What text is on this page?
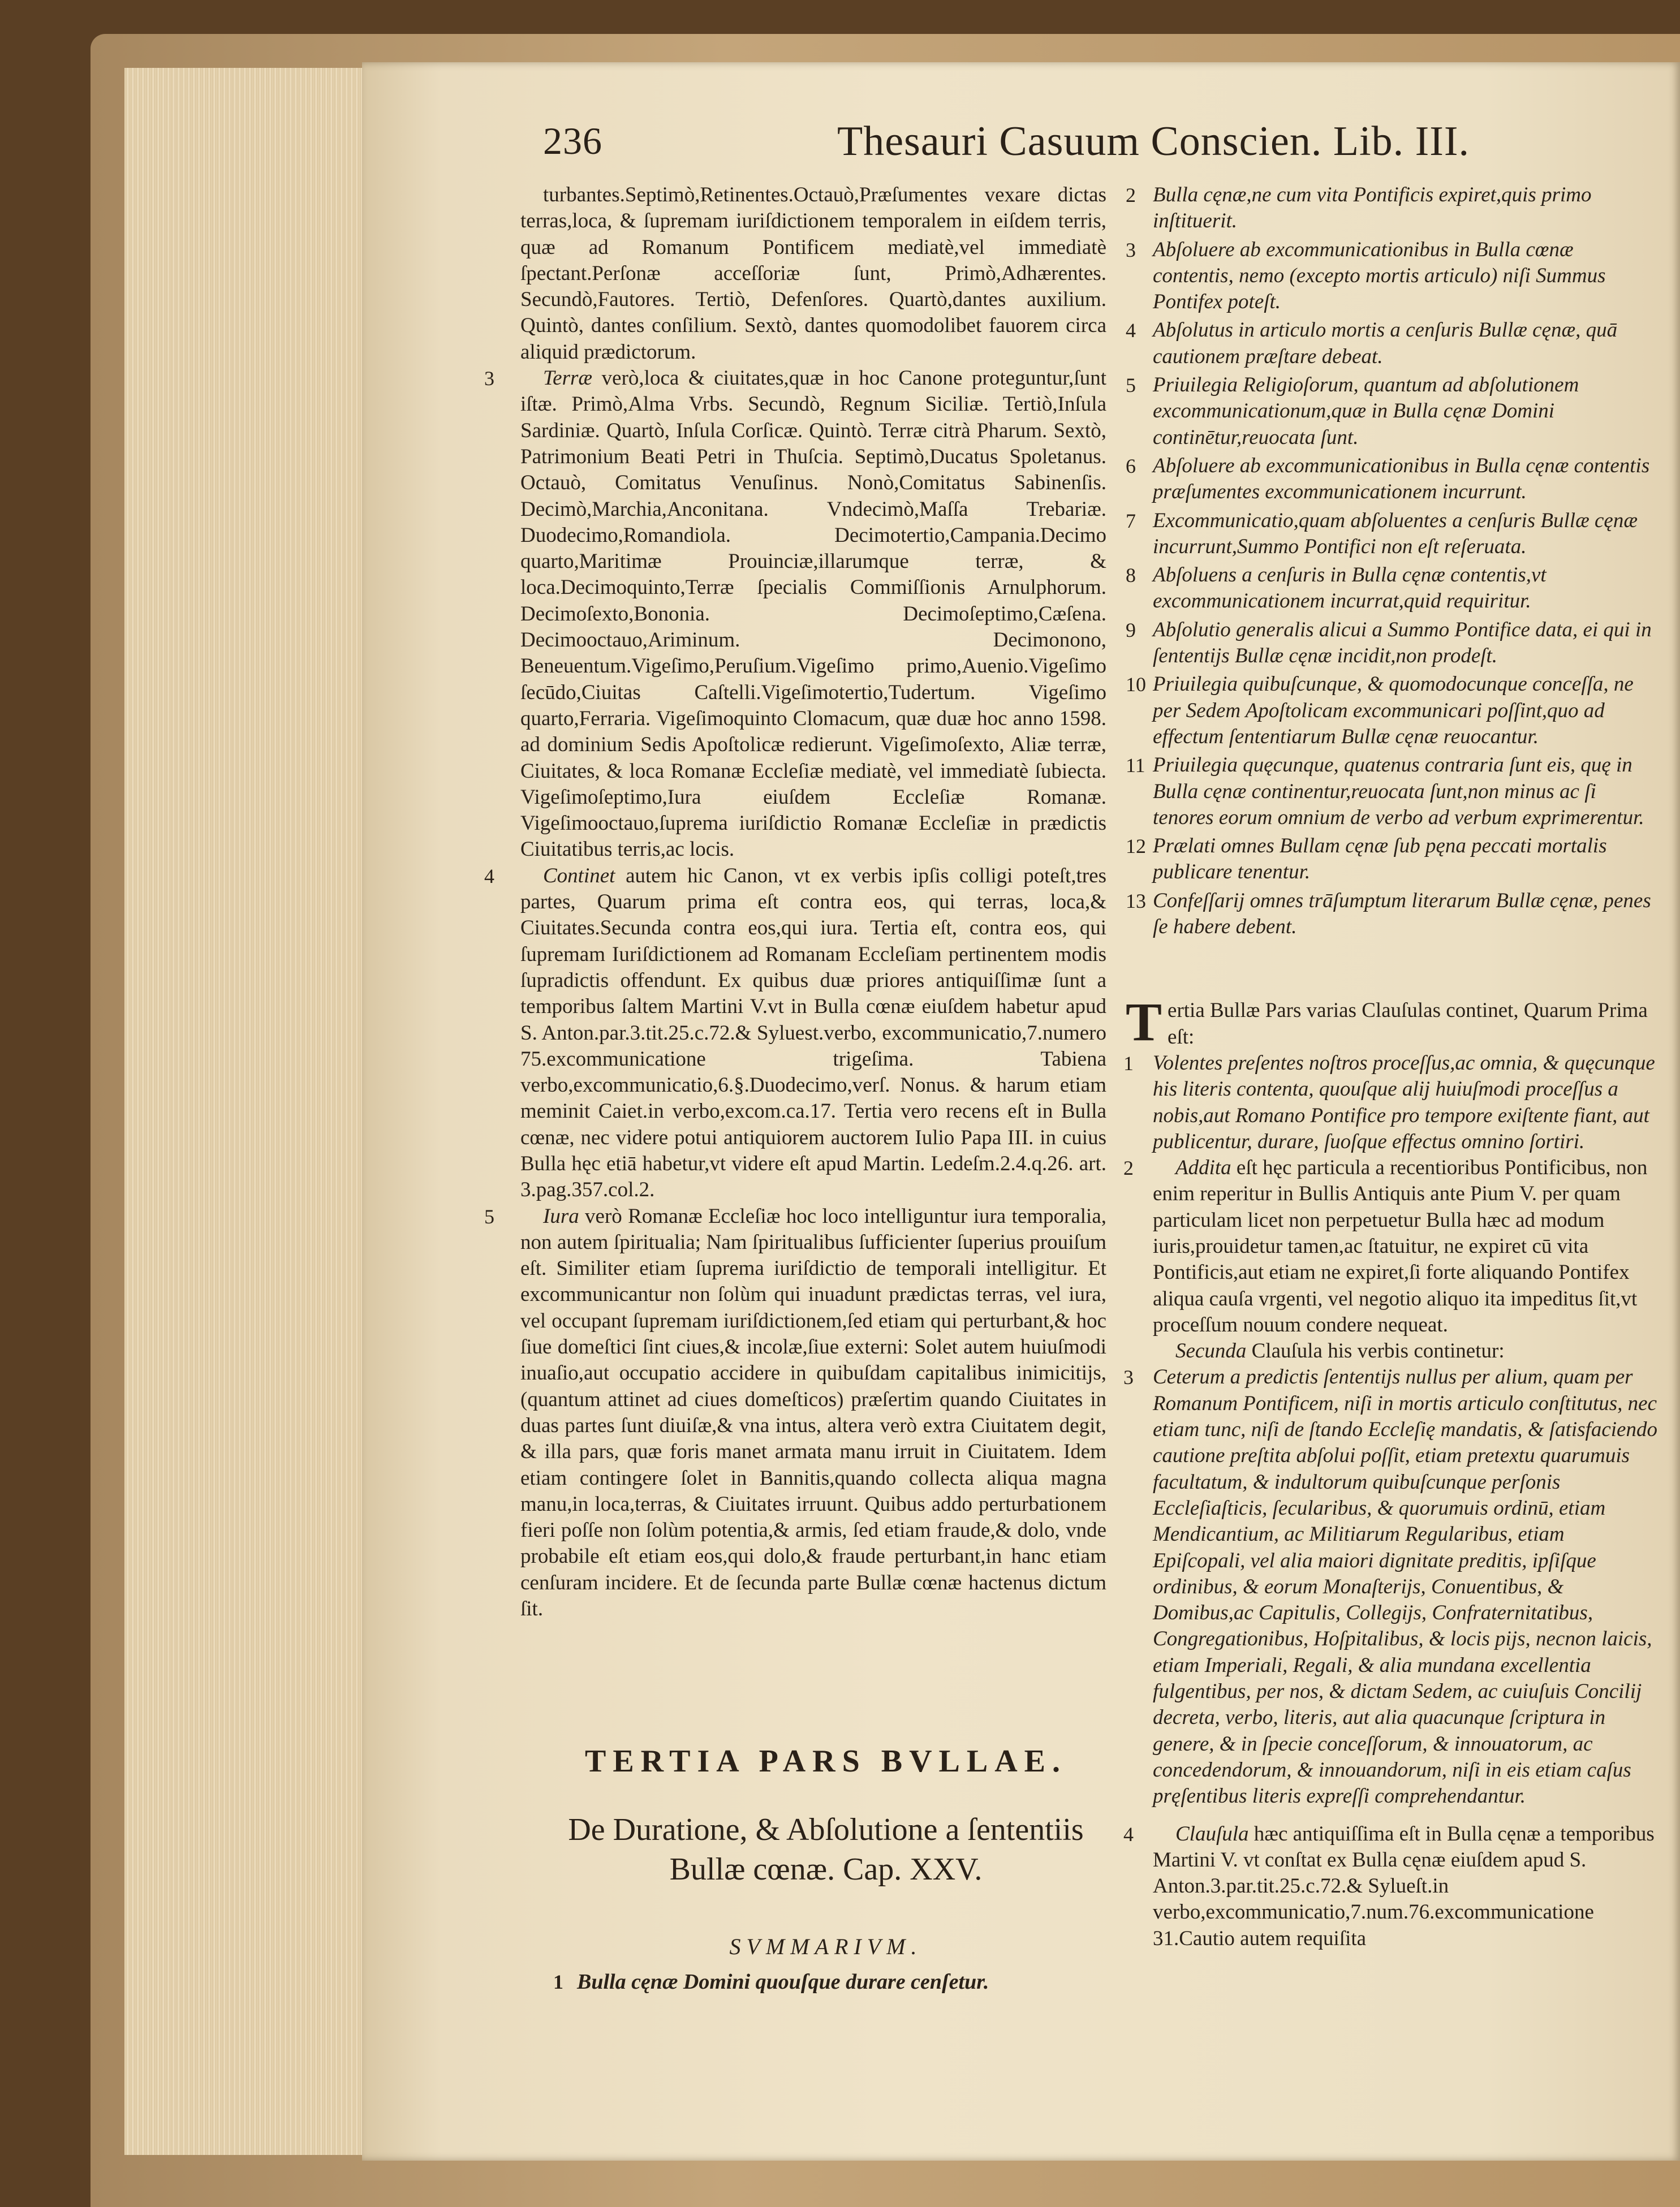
236	Thesauri Casuum Conscien. Lib. III.

turbantes.Septimò,Retinentes.Octauò,Præſumentes vexare dictas terras,loca, & ſupremam iuriſdictionem temporalem in eiſdem terris, quæ ad Romanum Pontificem mediatè,vel immediatè ſpectant.Perſonæ acceſſoriæ ſunt, Primò,Adhærentes. Secundò,Fautores. Tertiò, Defenſores. Quartò,dantes auxilium. Quintò, dantes conſilium. Sextò, dantes quomodolibet fauorem circa aliquid prædictorum.

3 Terræ verò,loca & ciuitates,quæ in hoc Canone proteguntur,ſunt iſtæ. Primò,Alma Vrbs. Secundò, Regnum Siciliæ. Tertiò,Inſula Sardiniæ. Quartò, Inſula Corſicæ. Quintò. Terræ citrà Pharum. Sextò, Patrimonium Beati Petri in Thuſcia. Septimò,Ducatus Spoletanus. Octauò, Comitatus Venuſinus. Nonò,Comitatus Sabinenſis. Decimò,Marchia,Anconitana. Vndecimò,Maſſa Trebariæ. Duodecimo,Romandiola. Decimotertio,Campania.Decimo quarto,Maritimæ Prouinciæ,illarumque terræ, & loca.Decimoquinto,Terræ ſpecialis Commiſſionis Arnulphorum. Decimoſexto,Bononia. Decimoſeptimo,Cæſena. Decimooctauo,Ariminum. Decimonono, Beneuentum.Vigeſimo,Peruſium.Vigeſimo primo,Auenio.Vigeſimo ſecūdo,Ciuitas Caſtelli.Vigeſimotertio,Tudertum. Vigeſimo quarto,Ferraria. Vigeſimoquinto Clomacum, quæ duæ hoc anno 1598. ad dominium Sedis Apoſtolicæ redierunt. Vigeſimoſexto, Aliæ terræ, Ciuitates, & loca Romanæ Eccleſiæ mediatè, vel immediatè ſubiecta. Vigeſimoſeptimo,Iura eiuſdem Eccleſiæ Romanæ. Vigeſimooctauo,ſuprema iuriſdictio Romanæ Eccleſiæ in prædictis Ciuitatibus terris,ac locis.

4 Continet autem hic Canon, vt ex verbis ipſis colligi poteſt,tres partes, Quarum prima eſt contra eos, qui terras, loca,& Ciuitates.Secunda contra eos,qui iura. Tertia eſt, contra eos, qui ſupremam Iuriſdictionem ad Romanam Eccleſiam pertinentem modis ſupradictis offendunt. Ex quibus duæ priores antiquiſſimæ ſunt a temporibus ſaltem Martini V.vt in Bulla cœnæ eiuſdem habetur apud S. Anton.par.3.tit.25.c.72.& Syluest.verbo, excommunicatio,7.numero 75.excommunicatione trigeſima. Tabiena verbo,excommunicatio,6.§.Duodecimo,verſ. Nonus. & harum etiam meminit Caiet.in verbo,excom.ca.17. Tertia vero recens eſt in Bulla cœnæ, nec videre potui antiquiorem auctorem Iulio Papa III. in cuius Bulla hęc etiā habetur,vt videre eſt apud Martin. Ledeſm.2.4.q.26. art. 3.pag.357.col.2.

5 Iura verò Romanæ Eccleſiæ hoc loco intelliguntur iura temporalia, non autem ſpiritualia; Nam ſpiritualibus ſufficienter ſuperius prouiſum eſt. Similiter etiam ſuprema iuriſdictio de temporali intelligitur. Et excommunicantur non ſolùm qui inuadunt prædictas terras, vel iura, vel occupant ſupremam iuriſdictionem,ſed etiam qui perturbant,& hoc ſiue domeſtici ſint ciues,& incolæ,ſiue externi: Solet autem huiuſmodi inuaſio,aut occupatio accidere in quibuſdam capitalibus inimicitijs, (quantum attinet ad ciues domeſticos) præſertim quando Ciuitates in duas partes ſunt diuiſæ,& vna intus, altera verò extra Ciuitatem degit, & illa pars, quæ foris manet armata manu irruit in Ciuitatem. Idem etiam contingere ſolet in Bannitis,quando collecta aliqua magna manu,in loca,terras, & Ciuitates irruunt. Quibus addo perturbationem fieri poſſe non ſolùm potentia,& armis, ſed etiam fraude,& dolo, vnde probabile eſt etiam eos,qui dolo,& fraude perturbant,in hanc etiam cenſuram incidere. Et de ſecunda parte Bullæ cœnæ hactenus dictum ſit.

TERTIA PARS BVLLAE.
De Duratione, & Abſolutione a ſententiis Bullæ cœnæ. Cap. XXV.
SVMMARIVM.
1 Bulla cęnæ Domini quouſque durare cenſetur.
2 Bulla cęnæ,ne cum vita Pontificis expiret,quis primo inſtituerit.
3 Abſoluere ab excommunicationibus in Bulla cœnæ contentis, nemo (excepto mortis articulo) niſi Summus Pontifex poteſt.
4 Abſolutus in articulo mortis a cenſuris Bullæ cęnæ, quā cautionem præſtare debeat.
5 Priuilegia Religioſorum, quantum ad abſolutionem excommunicationum,quæ in Bulla cęnæ Domini continētur,reuocata ſunt.
6 Abſoluere ab excommunicationibus in Bulla cęnæ contentis præſumentes excommunicationem incurrunt.
7 Excommunicatio,quam abſoluentes a cenſuris Bullæ cęnæ incurrunt,Summo Pontifici non eſt reſeruata.
8 Abſoluens a cenſuris in Bulla cęnæ contentis,vt excommunicationem incurrat,quid requiritur.
9 Abſolutio generalis alicui a Summo Pontifice data, ei qui in ſententijs Bullæ cęnæ incidit,non prodeſt.
10 Priuilegia quibuſcunque, & quomodocunque conceſſa, ne per Sedem Apoſtolicam excommunicari poſſint,quo ad effectum ſententiarum Bullæ cęnæ reuocantur.
11 Priuilegia quęcunque, quatenus contraria ſunt eis, quę in Bulla cęnæ continentur,reuocata ſunt,non minus ac ſi tenores eorum omnium de verbo ad verbum exprimerentur.
12 Prælati omnes Bullam cęnæ ſub pęna peccati mortalis publicare tenentur.
13 Confeſſarij omnes trāſumptum literarum Bullæ cęnæ, penes ſe habere debent.
Tertia Bullæ Pars varias Clauſulas continet, Quarum Prima eſt:

1 Volentes preſentes noſtros proceſſus,ac omnia, & quęcunque his literis contenta, quouſque alij huiuſmodi proceſſus a nobis,aut Romano Pontifice pro tempore exiſtente fiant, aut publicentur, durare, ſuoſque effectus omnino ſortiri.

2 Addita eſt hęc particula a recentioribus Pontificibus, non enim reperitur in Bullis Antiquis ante Pium V. per quam particulam licet non perpetuetur Bulla hæc ad modum iuris,prouidetur tamen,ac ſtatuitur, ne expiret cū vita Pontificis,aut etiam ne expiret,ſi forte aliquando Pontifex aliqua cauſa vrgenti, vel negotio aliquo ita impeditus ſit,vt proceſſum nouum condere nequeat.

Secunda Clauſula his verbis continetur:

3 Ceterum a predictis ſententijs nullus per alium, quam per Romanum Pontificem, niſi in mortis articulo conſtitutus, nec etiam tunc, niſi de ſtando Eccleſię mandatis, & ſatisfaciendo cautione preſtita abſolui poſſit, etiam pretextu quarumuis facultatum, & indultorum quibuſcunque perſonis Eccleſiaſticis, ſecularibus, & quorumuis ordinū, etiam Mendicantium, ac Militiarum Regularibus, etiam Epiſcopali, vel alia maiori dignitate preditis, ipſiſque ordinibus, & eorum Monaſterijs, Conuentibus, & Domibus,ac Capitulis, Collegijs, Confraternitatibus, Congregationibus, Hoſpitalibus, & locis pijs, necnon laicis, etiam Imperiali, Regali, & alia mundana excellentia fulgentibus, per nos, & dictam Sedem, ac cuiuſuis Concilij decreta, verbo, literis, aut alia quacunque ſcriptura in genere, & in ſpecie conceſſorum, & innouatorum, ac concedendorum, & innouandorum, niſi in eis etiam caſus pręſentibus literis expreſſi comprehendantur.

4 Clauſula hæc antiquiſſima eſt in Bulla cęnæ a temporibus Martini V. vt conſtat ex Bulla cęnæ eiuſdem apud S. Anton.3.par.tit.25.c.72.& Sylueſt.in verbo,excommunicatio,7.num.76.excommunicatione 31.Cautio autem requiſita
